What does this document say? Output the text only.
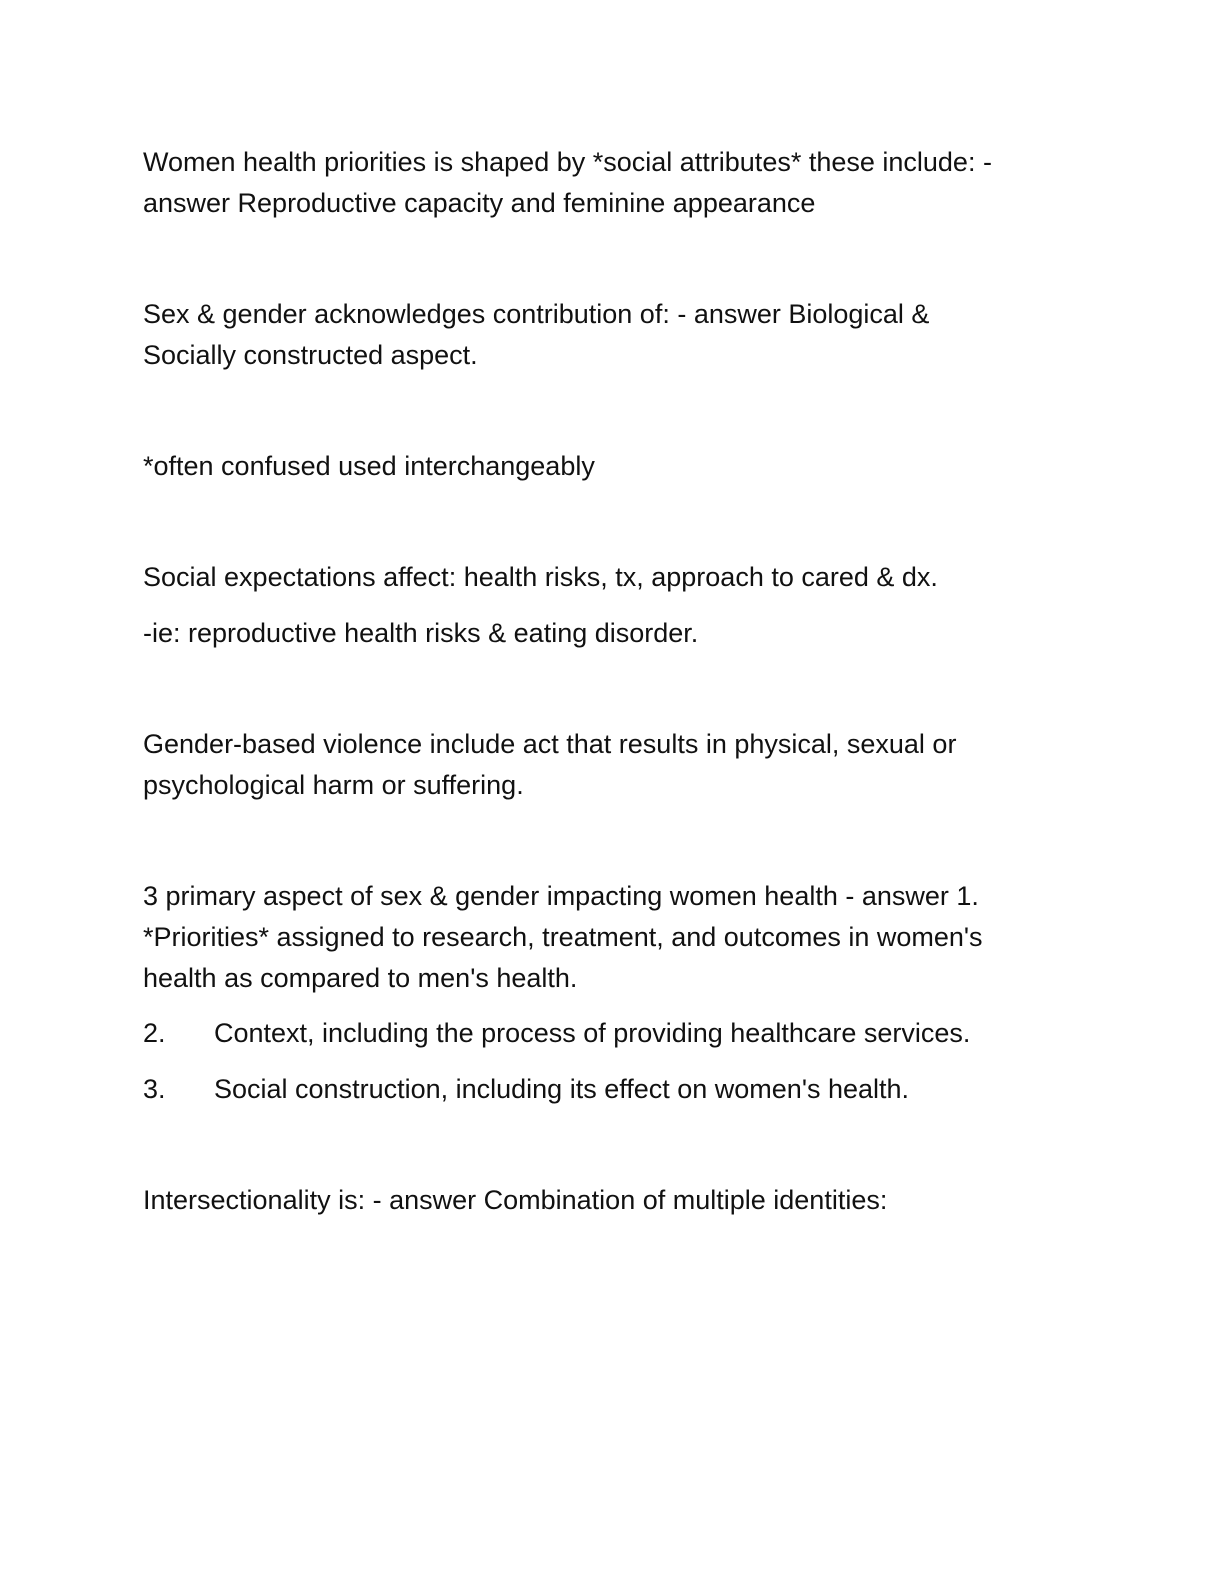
Women health priorities is shaped by *social attributes* these include: -
answer Reproductive capacity and feminine appearance
Sex & gender acknowledges contribution of: - answer Biological &
Socially constructed aspect.
*often confused used interchangeably
Social expectations affect: health risks, tx, approach to cared & dx.
-ie: reproductive health risks & eating disorder.
Gender-based violence include act that results in physical, sexual or
psychological harm or suffering.
3 primary aspect of sex & gender impacting women health - answer 1.
*Priorities* assigned to research, treatment, and outcomes in women's
health as compared to men's health.
2. Context, including the process of providing healthcare services.
3. Social construction, including its effect on women's health.
Intersectionality is: - answer Combination of multiple identities:
